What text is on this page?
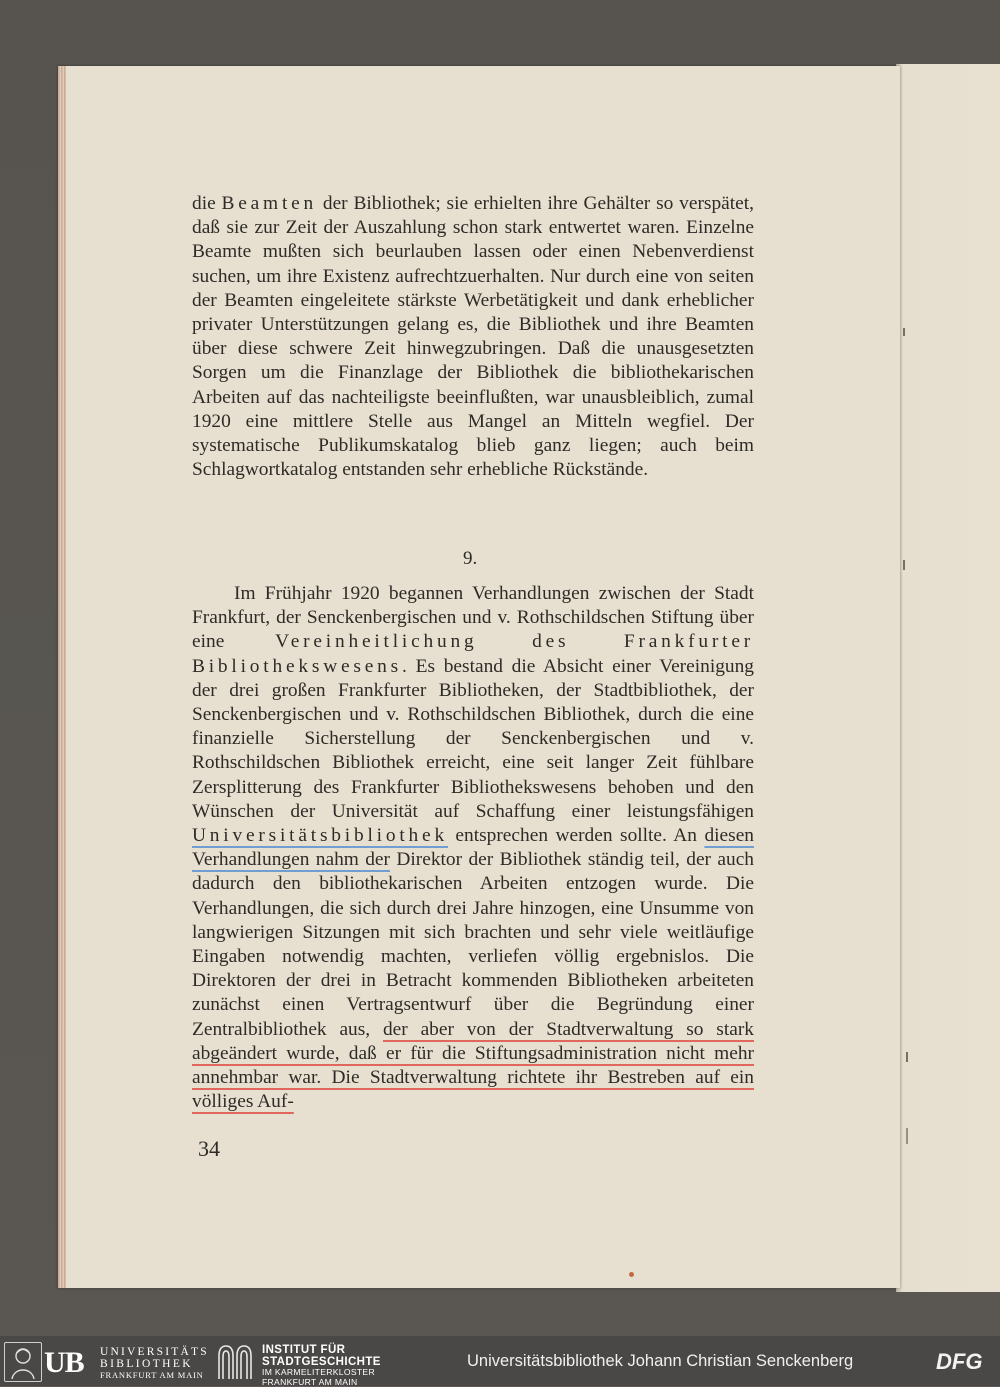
die Beamten der Bibliothek; sie erhielten ihre Gehälter so verspätet, daß sie zur Zeit der Auszahlung schon stark entwertet waren. Einzelne Beamte mußten sich beurlauben lassen oder einen Nebenverdienst suchen, um ihre Existenz aufrechtzuerhalten. Nur durch eine von seiten der Beamten eingeleitete stärkste Werbetätigkeit und dank erheblicher privater Unterstützungen gelang es, die Bibliothek und ihre Beamten über diese schwere Zeit hinwegzubringen. Daß die unausgesetzten Sorgen um die Finanzlage der Bibliothek die bibliothekarischen Arbeiten auf das nachteiligste beeinflußten, war unausbleiblich, zumal 1920 eine mittlere Stelle aus Mangel an Mitteln wegfiel. Der systematische Publikumskatalog blieb ganz liegen; auch beim Schlagwortkatalog entstanden sehr erhebliche Rückstände.

9.

Im Frühjahr 1920 begannen Verhandlungen zwischen der Stadt Frankfurt, der Senckenbergischen und v. Rothschildschen Stiftung über eine Vereinheitlichung des Frankfurter Bibliothekswesens. Es bestand die Absicht einer Vereinigung der drei großen Frankfurter Bibliotheken, der Stadtbibliothek, der Senckenbergischen und v. Rothschildschen Bibliothek, durch die eine finanzielle Sicherstellung der Senckenbergischen und v. Rothschildschen Bibliothek erreicht, eine seit langer Zeit fühlbare Zersplitterung des Frankfurter Bibliothekswesens behoben und den Wünschen der Universität auf Schaffung einer leistungsfähigen Universitätsbibliothek entsprechen werden sollte. An diesen Verhandlungen nahm der Direktor der Bibliothek ständig teil, der auch dadurch den bibliothekarischen Arbeiten entzogen wurde. Die Verhandlungen, die sich durch drei Jahre hinzogen, eine Unsumme von langwierigen Sitzungen mit sich brachten und sehr viele weitläufige Eingaben notwendig machten, verliefen völlig ergebnislos. Die Direktoren der drei in Betracht kommenden Bibliotheken arbeiteten zunächst einen Vertragsentwurf über die Begründung einer Zentralbibliothek aus, der aber von der Stadtverwaltung so stark abgeändert wurde, daß er für die Stiftungsadministration nicht mehr annehmbar war. Die Stadtverwaltung richtete ihr Bestreben auf ein völliges Auf-

34
UB UNIVERSITÄTS
BIBLIOTHEK
FRANKFURT AM MAIN
INSTITUT FÜR
STADTGESCHICHTE
IM KARMELITERKLOSTER
FRANKFURT AM MAIN
Universitätsbibliothek Johann Christian Senckenberg	DFG
